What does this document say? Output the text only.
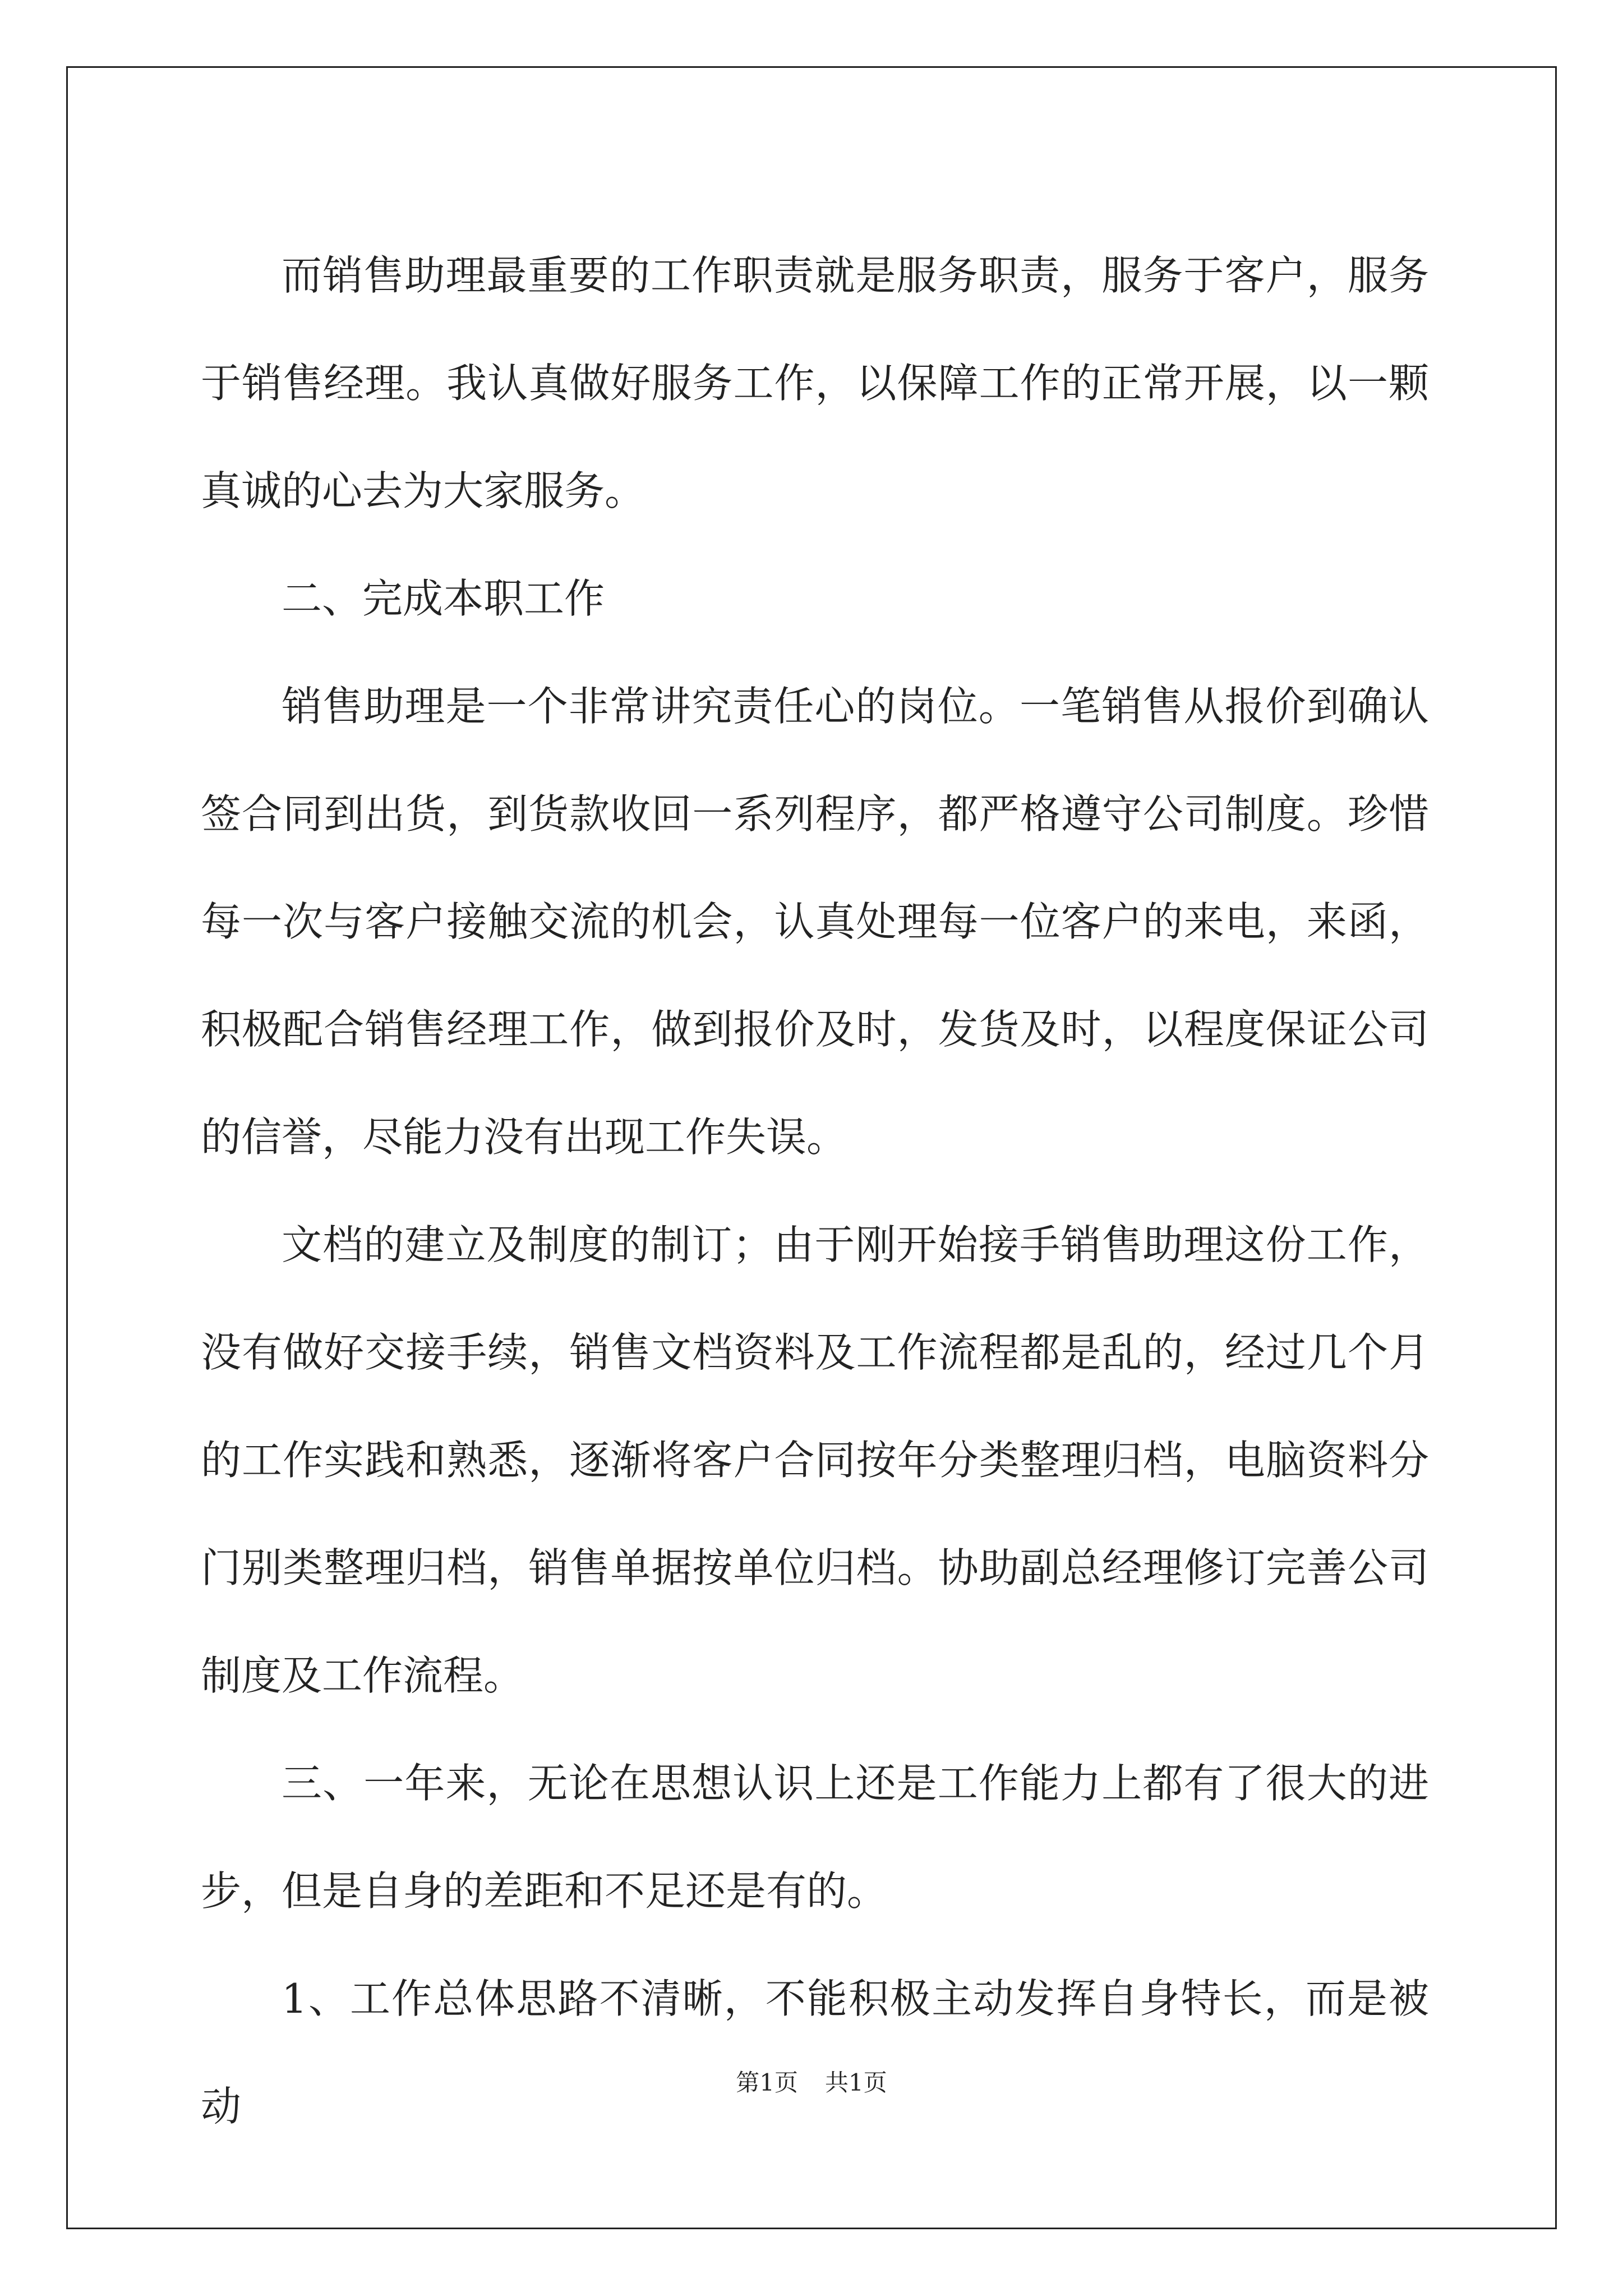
而销售助理最重要的工作职责就是服务职责，服务于客户，服务于销售经理。我认真做好服务工作，以保障工作的正常开展，以一颗真诚的心去为大家服务。

二、完成本职工作

销售助理是一个非常讲究责任心的岗位。一笔销售从报价到确认签合同到出货，到货款收回一系列程序，都严格遵守公司制度。珍惜每一次与客户接触交流的机会，认真处理每一位客户的来电，来函，积极配合销售经理工作，做到报价及时，发货及时，以程度保证公司的信誉，尽能力没有出现工作失误。

文档的建立及制度的制订；由于刚开始接手销售助理这份工作，没有做好交接手续，销售文档资料及工作流程都是乱的，经过几个月的工作实践和熟悉，逐渐将客户合同按年分类整理归档，电脑资料分门别类整理归档，销售单据按单位归档。协助副总经理修订完善公司制度及工作流程。

三、一年来，无论在思想认识上还是工作能力上都有了很大的进步，但是自身的差距和不足还是有的。

1、工作总体思路不清晰，不能积极主动发挥自身特长，而是被动

第1页 共1页
